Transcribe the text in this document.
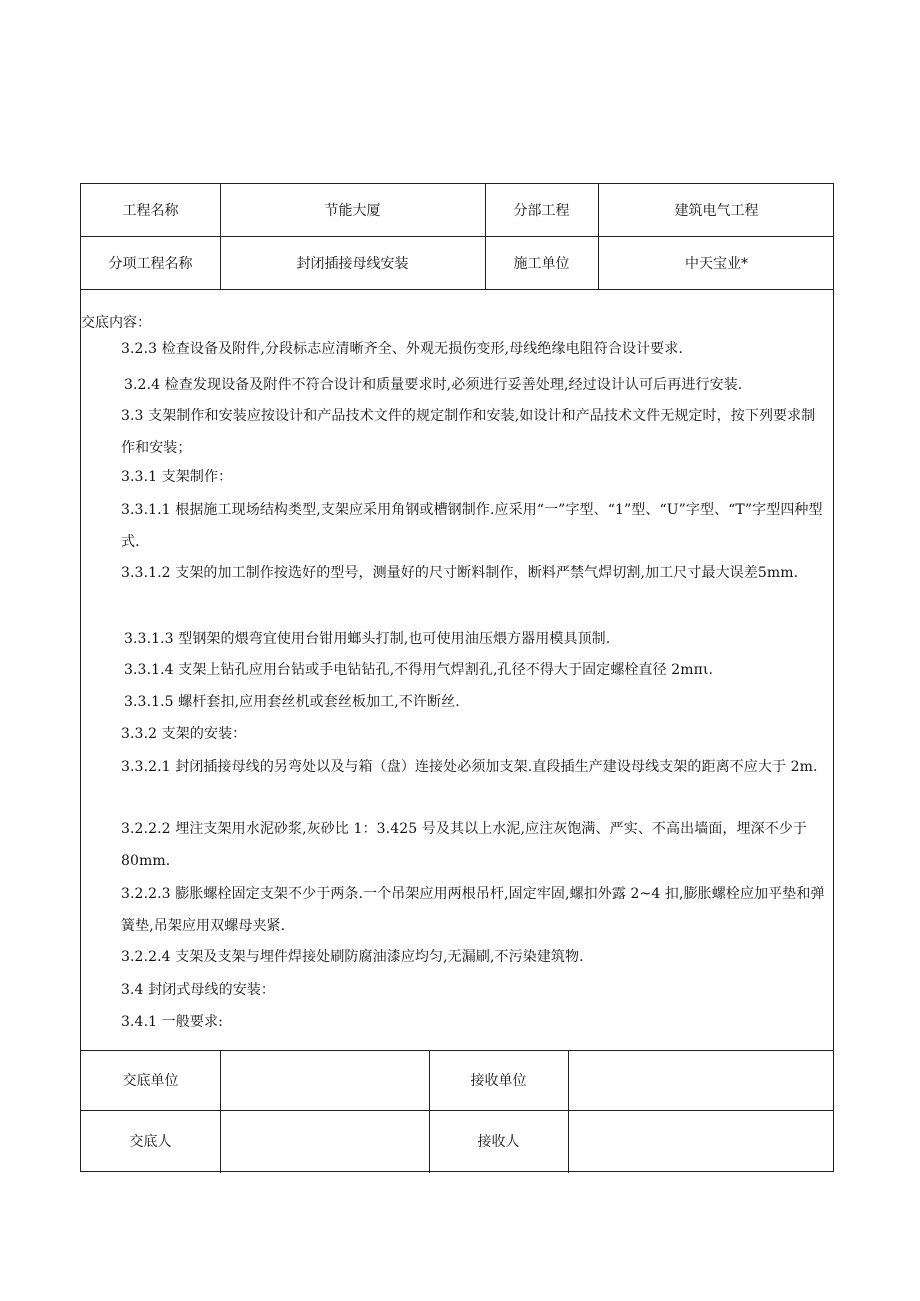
工程名称	节能大厦	分部工程	建筑电气工程
分项工程名称	封闭插接母线安装	施工单位	中天宝业*
交底内容：

3.2.3 检查设备及附件,分段标志应清晰齐全、外观无损伤变形,母线绝缘电阻符合设计要求.

3.2.4 检查发现设备及附件不符合设计和质量要求时,必须进行妥善处理,经过设计认可后再进行安装.

3.3 支架制作和安装应按设计和产品技术文件的规定制作和安装,如设计和产品技术文件无规定时，按下列要求制作和安装；

3.3.1 支架制作：

3.3.1.1 根据施工现场结构类型,支架应采用角钢或槽钢制作.应采用“一”字型、“1”型、“U”字型、“T”字型四种型式.

3.3.1.2 支架的加工制作按选好的型号，测量好的尺寸断料制作，断料严禁气焊切割,加工尺寸最大误差5mm.

3.3.1.3 型钢架的煨弯宜使用台钳用螂头打制,也可使用油压煨方器用模具顶制.

3.3.1.4 支架上钻孔应用台钻或手电钻钻孔,不得用气焊割孔,孔径不得大于固定螺栓直径 2mπι.

3.3.1.5 螺杆套扣,应用套丝机或套丝板加工,不许断丝.

3.3.2 支架的安装：

3.3.2.1 封闭插接母线的另弯处以及与箱（盘）连接处必须加支架.直段插生产建设母线支架的距离不应大于 2m.

3.2.2.2 埋注支架用水泥砂浆,灰砂比 1：3.425 号及其以上水泥,应注灰饱满、严实、不高出墙面，埋深不少于 80mm.

3.2.2.3 膨胀螺栓固定支架不少于两条.一个吊架应用两根吊杆,固定牢固,螺扣外露 2~4 扣,膨胀螺栓应加平垫和弹簧垫,吊架应用双螺母夹紧.

3.2.2.4 支架及支架与埋件焊接处刷防腐油漆应均匀,无漏刷,不污染建筑物.

3.4 封闭式母线的安装：

3.4.1 一般要求:

交底单位	接收单位
交底人	接收人
